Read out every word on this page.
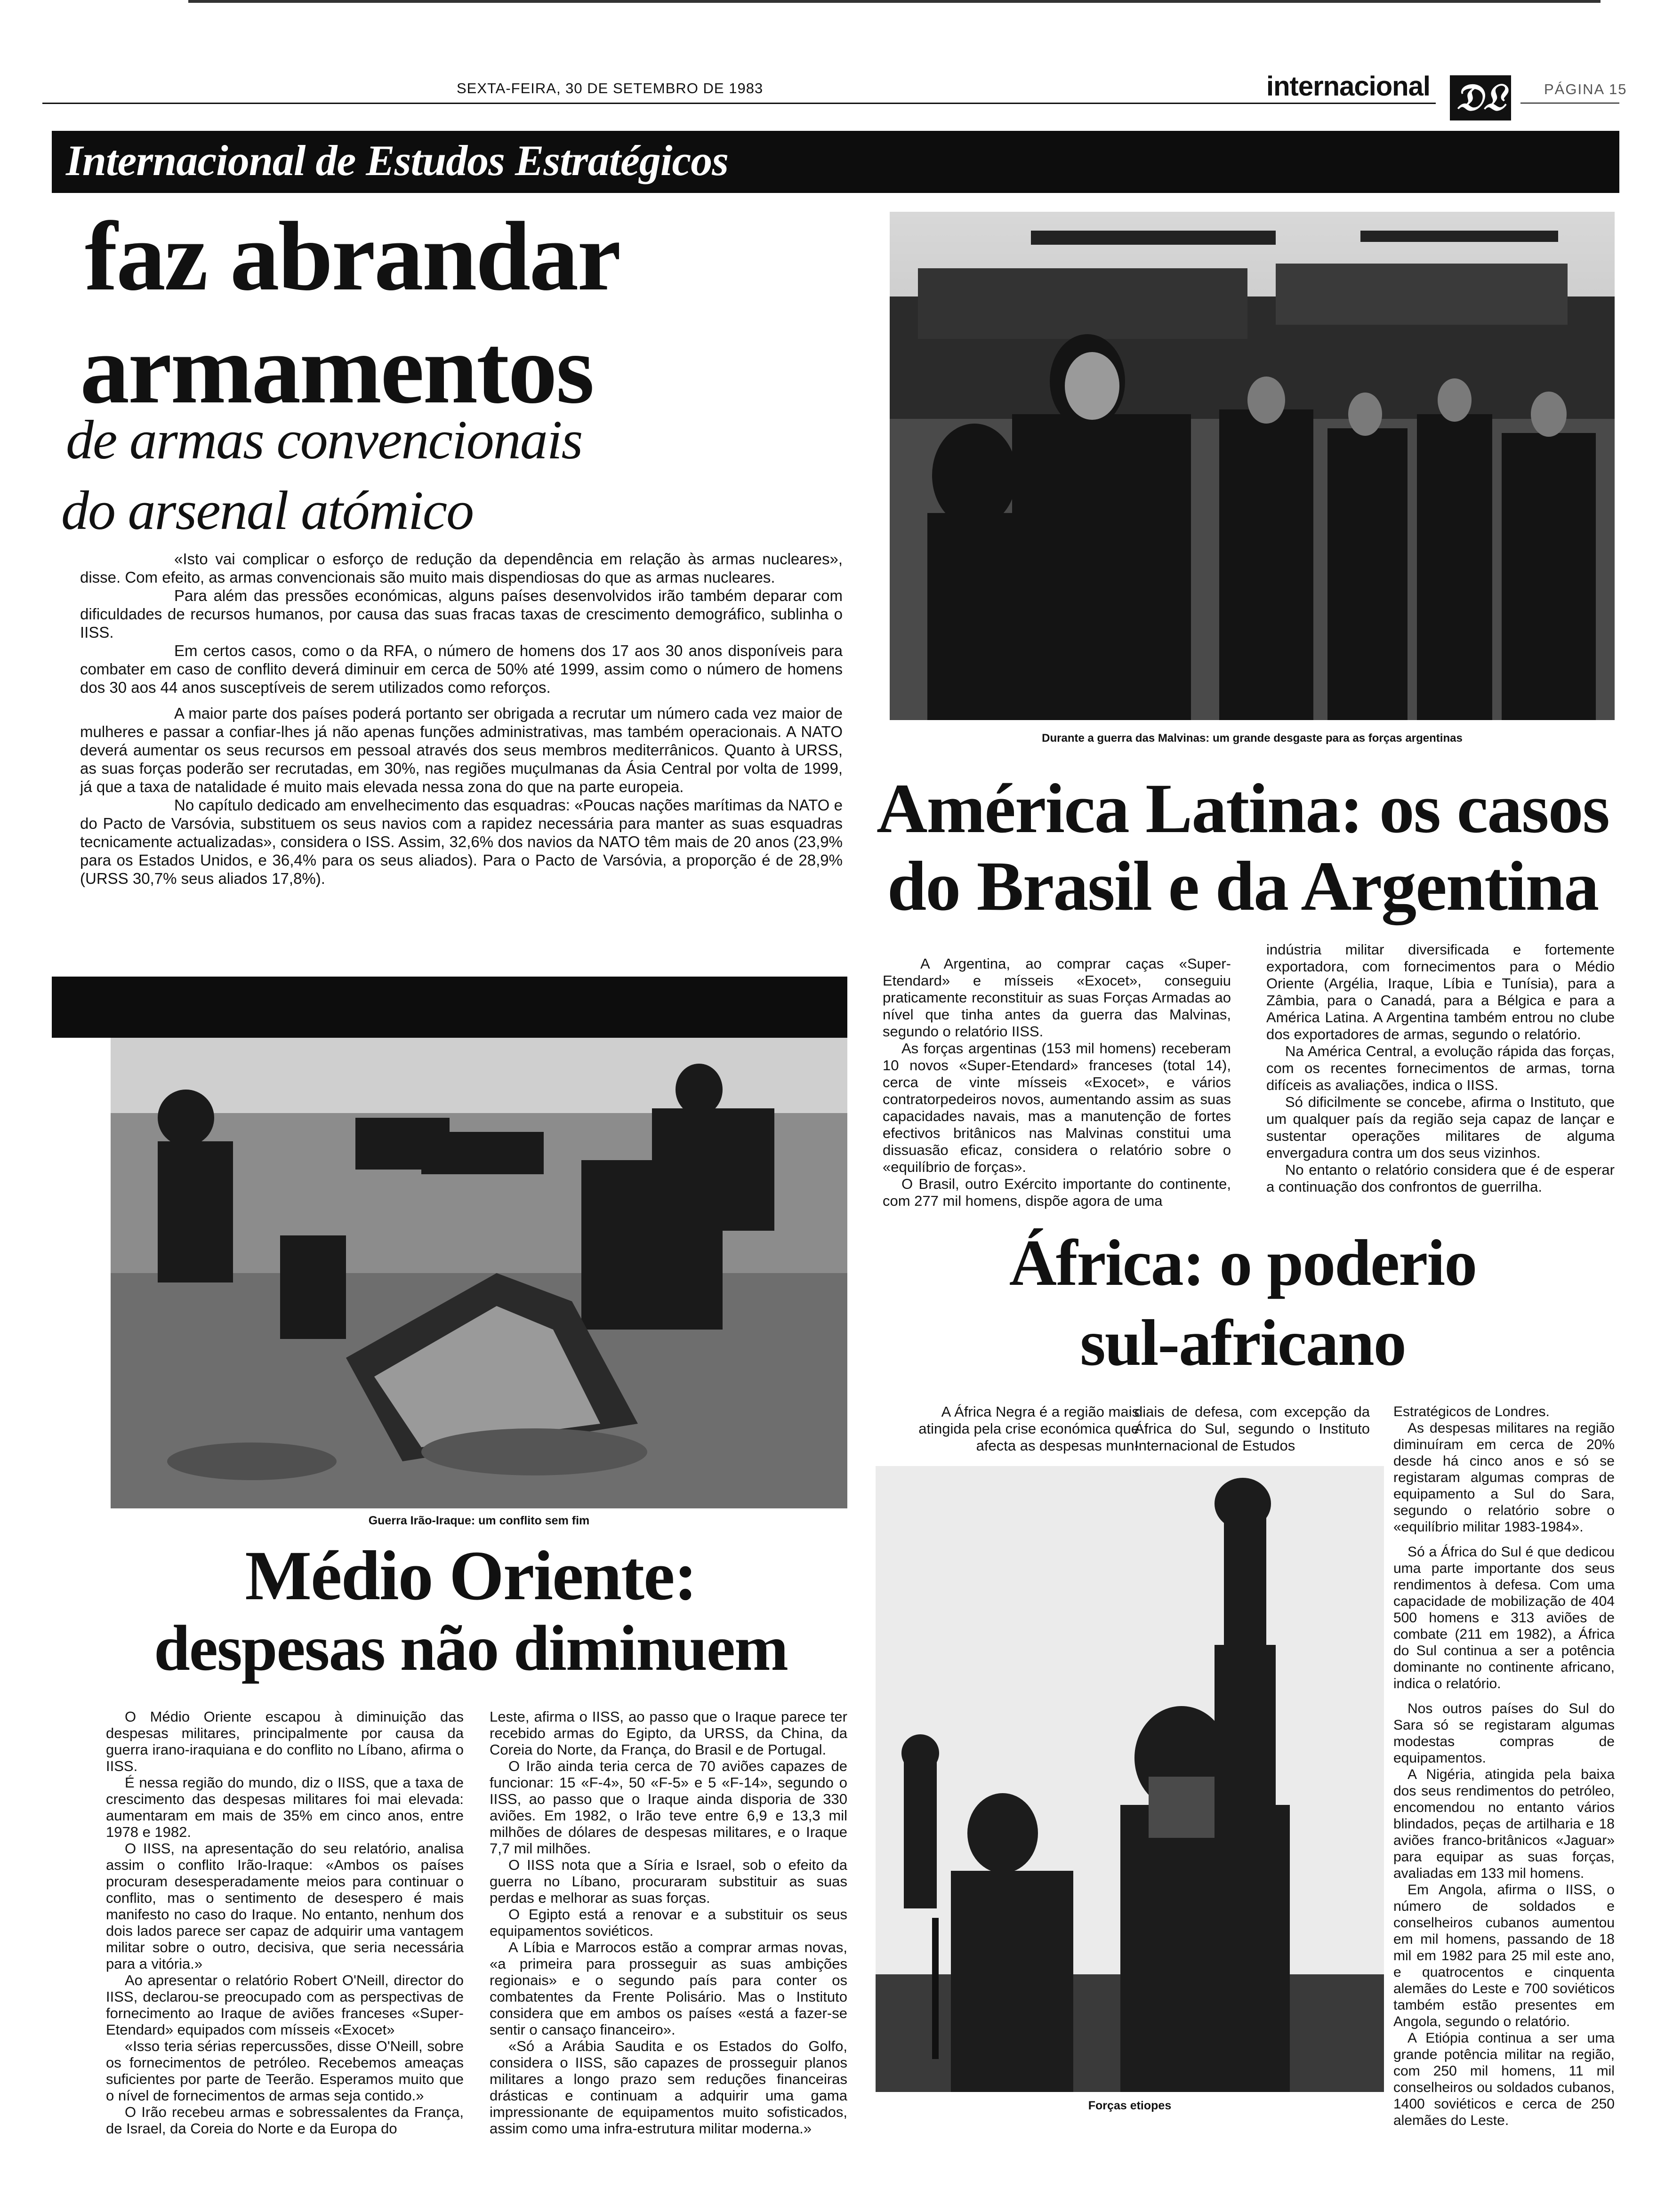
SEXTA-FEIRA, 30 DE SETEMBRO DE 1983	internacional 𝔇𝔏	PÁGINA 15
Internacional de Estudos Estratégicos
faz abrandar
armamentos
de armas convencionais
do arsenal atómico

«Isto vai complicar o esforço de redução da dependência em relação às armas nucleares», disse. Com efeito, as armas convencionais são muito mais dispendiosas do que as armas nucleares.

Para além das pressões económicas, alguns países desenvolvidos irão também deparar com dificuldades de recursos humanos, por causa das suas fracas taxas de crescimento demográfico, sublinha o IISS.

Em certos casos, como o da RFA, o número de homens dos 17 aos 30 anos disponíveis para combater em caso de conflito deverá diminuir em cerca de 50% até 1999, assim como o número de homens dos 30 aos 44 anos susceptíveis de serem utilizados como reforços.

A maior parte dos países poderá portanto ser obrigada a recrutar um número cada vez maior de mulheres e passar a confiar-lhes já não apenas funções administrativas, mas também operacionais. A NATO deverá aumentar os seus recursos em pessoal através dos seus membros mediterrânicos. Quanto à URSS, as suas forças poderão ser recrutadas, em 30%, nas regiões muçulmanas da Ásia Central por volta de 1999, já que a taxa de natalidade é muito mais elevada nessa zona do que na parte europeia.

No capítulo dedicado am envelhecimento das esquadras: «Poucas nações marítimas da NATO e do Pacto de Varsóvia, substituem os seus navios com a rapidez necessária para manter as suas esquadras tecnicamente actualizadas», considera o ISS. Assim, 32,6% dos navios da NATO têm mais de 20 anos (23,9% para os Estados Unidos, e 36,4% para os seus aliados). Para o Pacto de Varsóvia, a proporção é de 28,9% (URSS 30,7% seus aliados 17,8%).

Durante a guerra das Malvinas: um grande desgaste para as forças argentinas
América Latina: os casos
do Brasil e da Argentina

A Argentina, ao comprar caças «Super-Etendard» e mísseis «Exocet», conseguiu praticamente reconstituir as suas Forças Armadas ao nível que tinha antes da guerra das Malvinas, segundo o relatório IISS.

As forças argentinas (153 mil homens) receberam 10 novos «Super-Etendard» franceses (total 14), cerca de vinte mísseis «Exocet», e vários contratorpedeiros novos, aumentando assim as suas capacidades navais, mas a manutenção de fortes efectivos britânicos nas Malvinas constitui uma dissuasão eficaz, considera o relatório sobre o «equilíbrio de forças».

O Brasil, outro Exército importante do continente, com 277 mil homens, dispõe agora de uma

indústria militar diversificada e fortemente exportadora, com fornecimentos para o Médio Oriente (Argélia, Iraque, Líbia e Tunísia), para a Zâmbia, para o Canadá, para a Bélgica e para a América Latina. A Argentina também entrou no clube dos exportadores de armas, segundo o relatório.

Na América Central, a evolução rápida das forças, com os recentes fornecimentos de armas, torna difíceis as avaliações, indica o IISS.

Só dificilmente se concebe, afirma o Instituto, que um qualquer país da região seja capaz de lançar e sustentar operações militares de alguma envergadura contra um dos seus vizinhos.

No entanto o relatório considera que é de esperar a continuação dos confrontos de guerrilha.

Guerra Irão-Iraque: um conflito sem fim
Médio Oriente:
despesas não diminuem

O Médio Oriente escapou à diminuição das despesas militares, principalmente por causa da guerra irano-iraquiana e do conflito no Líbano, afirma o IISS.

É nessa região do mundo, diz o IISS, que a taxa de crescimento das despesas militares foi mai elevada: aumentaram em mais de 35% em cinco anos, entre 1978 e 1982.

O IISS, na apresentação do seu relatório, analisa assim o conflito Irão-Iraque: «Ambos os países procuram desesperadamente meios para continuar o conflito, mas o sentimento de desespero é mais manifesto no caso do Iraque. No entanto, nenhum dos dois lados parece ser capaz de adquirir uma vantagem militar sobre o outro, decisiva, que seria necessária para a vitória.»

Ao apresentar o relatório Robert O'Neill, director do IISS, declarou-se preocupado com as perspectivas de fornecimento ao Iraque de aviões franceses «Super-Etendard» equipados com mísseis «Exocet»

«Isso teria sérias repercussões, disse O'Neill, sobre os fornecimentos de petróleo. Recebemos ameaças suficientes por parte de Teerão. Esperamos muito que o nível de fornecimentos de armas seja contido.»

O Irão recebeu armas e sobressalentes da França, de Israel, da Coreia do Norte e da Europa do

Leste, afirma o IISS, ao passo que o Iraque parece ter recebido armas do Egipto, da URSS, da China, da Coreia do Norte, da França, do Brasil e de Portugal.

O Irão ainda teria cerca de 70 aviões capazes de funcionar: 15 «F-4», 50 «F-5» e 5 «F-14», segundo o IISS, ao passo que o Iraque ainda disporia de 330 aviões. Em 1982, o Irão teve entre 6,9 e 13,3 mil milhões de dólares de despesas militares, e o Iraque 7,7 mil milhões.

O IISS nota que a Síria e Israel, sob o efeito da guerra no Líbano, procuraram substituir as suas perdas e melhorar as suas forças.

O Egipto está a renovar e a substituir os seus equipamentos soviéticos.

A Líbia e Marrocos estão a comprar armas novas, «a primeira para prosseguir as suas ambições regionais» e o segundo país para conter os combatentes da Frente Polisário. Mas o Instituto considera que em ambos os países «está a fazer-se sentir o cansaço financeiro».

«Só a Arábia Saudita e os Estados do Golfo, considera o IISS, são capazes de prosseguir planos militares a longo prazo sem reduções financeiras drásticas e continuam a adquirir uma gama impressionante de equipamentos muito sofisticados, assim como uma infra-estrutura militar moderna.»

África: o poderio
sul-africano

A África Negra é a região mais atingida pela crise económica que afecta as despesas mun-

diais de defesa, com excepção da África do Sul, segundo o Instituto Internacional de Estudos

Estratégicos de Londres.

As despesas militares na região diminuíram em cerca de 20% desde há cinco anos e só se registaram algumas compras de equipamento a Sul do Sara, segundo o relatório sobre o «equilíbrio militar 1983-1984».

Só a África do Sul é que dedicou uma parte importante dos seus rendimentos à defesa. Com uma capacidade de mobilização de 404 500 homens e 313 aviões de combate (211 em 1982), a África do Sul continua a ser a potência dominante no continente africano, indica o relatório.

Nos outros países do Sul do Sara só se registaram algumas modestas compras de equipamentos.

A Nigéria, atingida pela baixa dos seus rendimentos do petróleo, encomendou no entanto vários blindados, peças de artilharia e 18 aviões franco-britânicos «Jaguar» para equipar as suas forças, avaliadas em 133 mil homens.

Em Angola, afirma o IISS, o número de soldados e conselheiros cubanos aumentou em mil homens, passando de 18 mil em 1982 para 25 mil este ano, e quatrocentos e cinquenta alemães do Leste e 700 soviéticos também estão presentes em Angola, segundo o relatório.

A Etiópia continua a ser uma grande potência militar na região, com 250 mil homens, 11 mil conselheiros ou soldados cubanos, 1400 soviéticos e cerca de 250 alemães do Leste.

Forças etiopes
